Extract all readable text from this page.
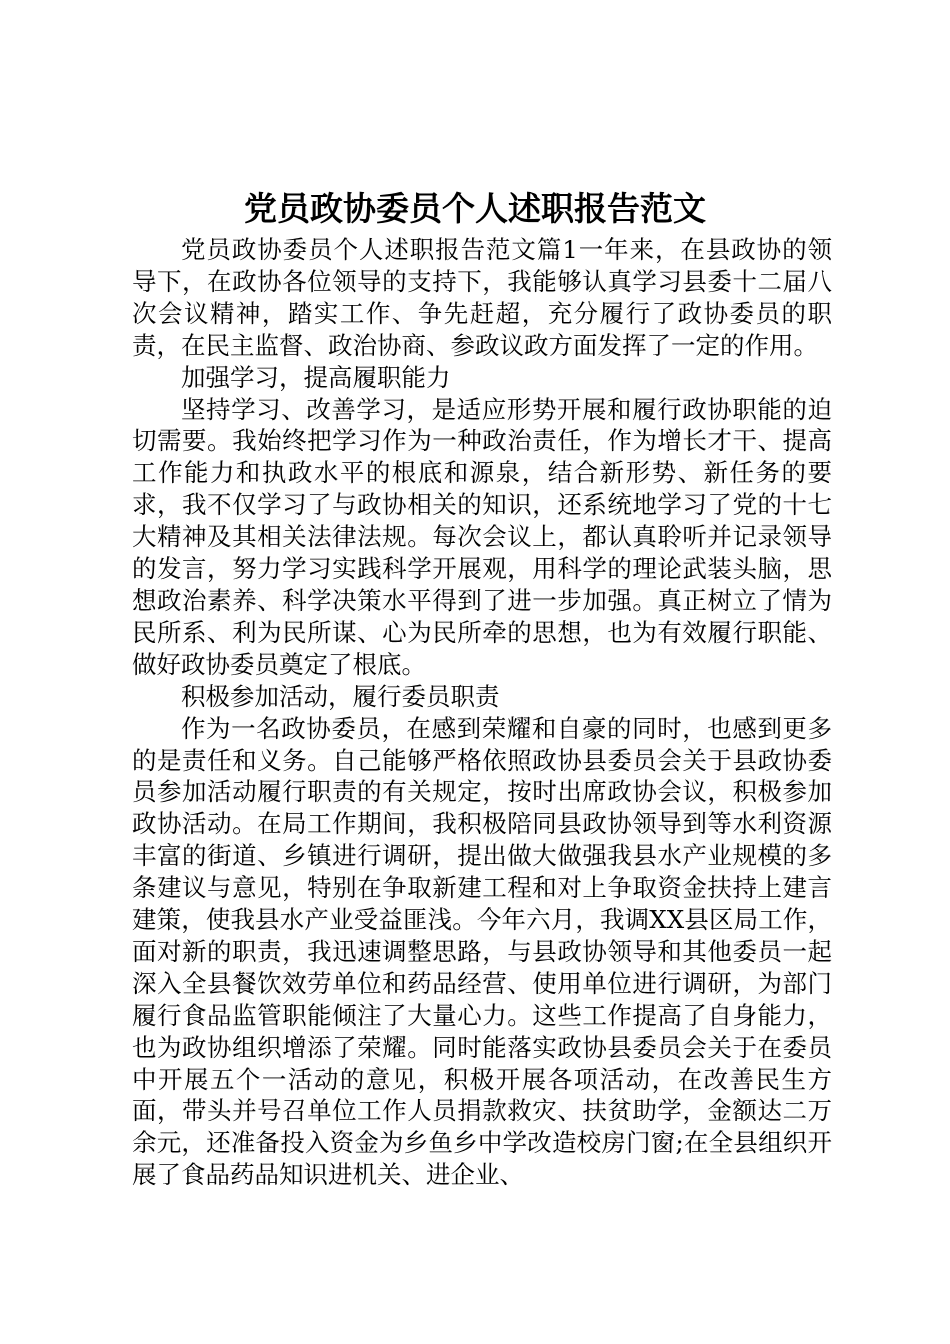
党员政协委员个人述职报告范文

党员政协委员个人述职报告范文篇1一年来，在县政协的领导下，在政协各位领导的支持下，我能够认真学习县委十二届八次会议精神，踏实工作、争先赶超，充分履行了政协委员的职责，在民主监督、政治协商、参政议政方面发挥了一定的作用。

加强学习，提高履职能力

坚持学习、改善学习，是适应形势开展和履行政协职能的迫切需要。我始终把学习作为一种政治责任，作为增长才干、提高工作能力和执政水平的根底和源泉，结合新形势、新任务的要求，我不仅学习了与政协相关的知识，还系统地学习了党的十七大精神及其相关法律法规。每次会议上，都认真聆听并记录领导的发言，努力学习实践科学开展观，用科学的理论武装头脑，思想政治素养、科学决策水平得到了进一步加强。真正树立了情为民所系、利为民所谋、心为民所牵的思想，也为有效履行职能、做好政协委员奠定了根底。

积极参加活动，履行委员职责

作为一名政协委员，在感到荣耀和自豪的同时，也感到更多的是责任和义务。自己能够严格依照政协县委员会关于县政协委员参加活动履行职责的有关规定，按时出席政协会议，积极参加政协活动。在局工作期间，我积极陪同县政协领导到等水利资源丰富的街道、乡镇进行调研，提出做大做强我县水产业规模的多条建议与意见，特别在争取新建工程和对上争取资金扶持上建言建策，使我县水产业受益匪浅。今年六月，我调XX县区局工作，面对新的职责，我迅速调整思路，与县政协领导和其他委员一起深入全县餐饮效劳单位和药品经营、使用单位进行调研，为部门履行食品监管职能倾注了大量心力。这些工作提高了自身能力，也为政协组织增添了荣耀。同时能落实政协县委员会关于在委员中开展五个一活动的意见，积极开展各项活动，在改善民生方面，带头并号召单位工作人员捐款救灾、扶贫助学，金额达二万余元，还准备投入资金为乡鱼乡中学改造校房门窗;在全县组织开展了食品药品知识进机关、进企业、
